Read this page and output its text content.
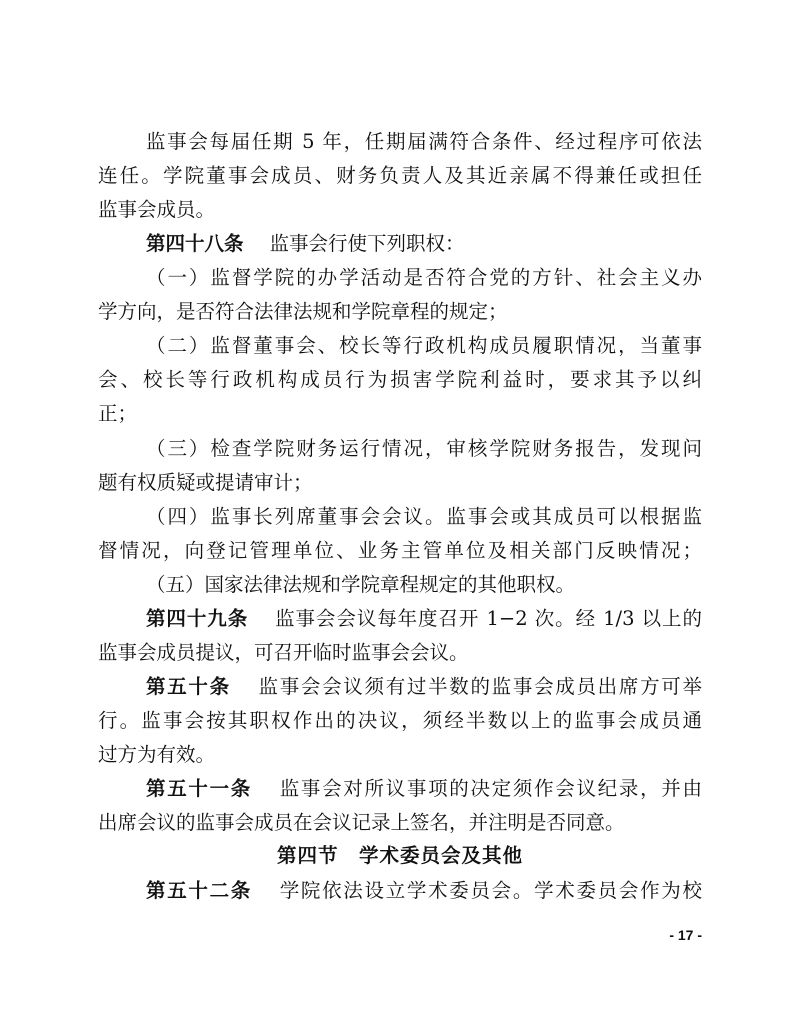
监事会每届任期 5 年，任期届满符合条件、经过程序可依法
连任。学院董事会成员、财务负责人及其近亲属不得兼任或担任
监事会成员。
第四十八条 监事会行使下列职权：
（一）监督学院的办学活动是否符合党的方针、社会主义办
学方向，是否符合法律法规和学院章程的规定；
（二）监督董事会、校长等行政机构成员履职情况，当董事
会、校长等行政机构成员行为损害学院利益时，要求其予以纠
正；
（三）检查学院财务运行情况，审核学院财务报告，发现问
题有权质疑或提请审计；
（四）监事长列席董事会会议。监事会或其成员可以根据监
督情况，向登记管理单位、业务主管单位及相关部门反映情况；
（五）国家法律法规和学院章程规定的其他职权。
第四十九条 监事会会议每年度召开 1−2 次。经 1/3 以上的
监事会成员提议，可召开临时监事会会议。
第五十条 监事会会议须有过半数的监事会成员出席方可举
行。监事会按其职权作出的决议，须经半数以上的监事会成员通
过方为有效。
第五十一条 监事会对所议事项的决定须作会议纪录，并由
出席会议的监事会成员在会议记录上签名，并注明是否同意。
第四节　学术委员会及其他
第五十二条 学院依法设立学术委员会。学术委员会作为校
- 17 -
